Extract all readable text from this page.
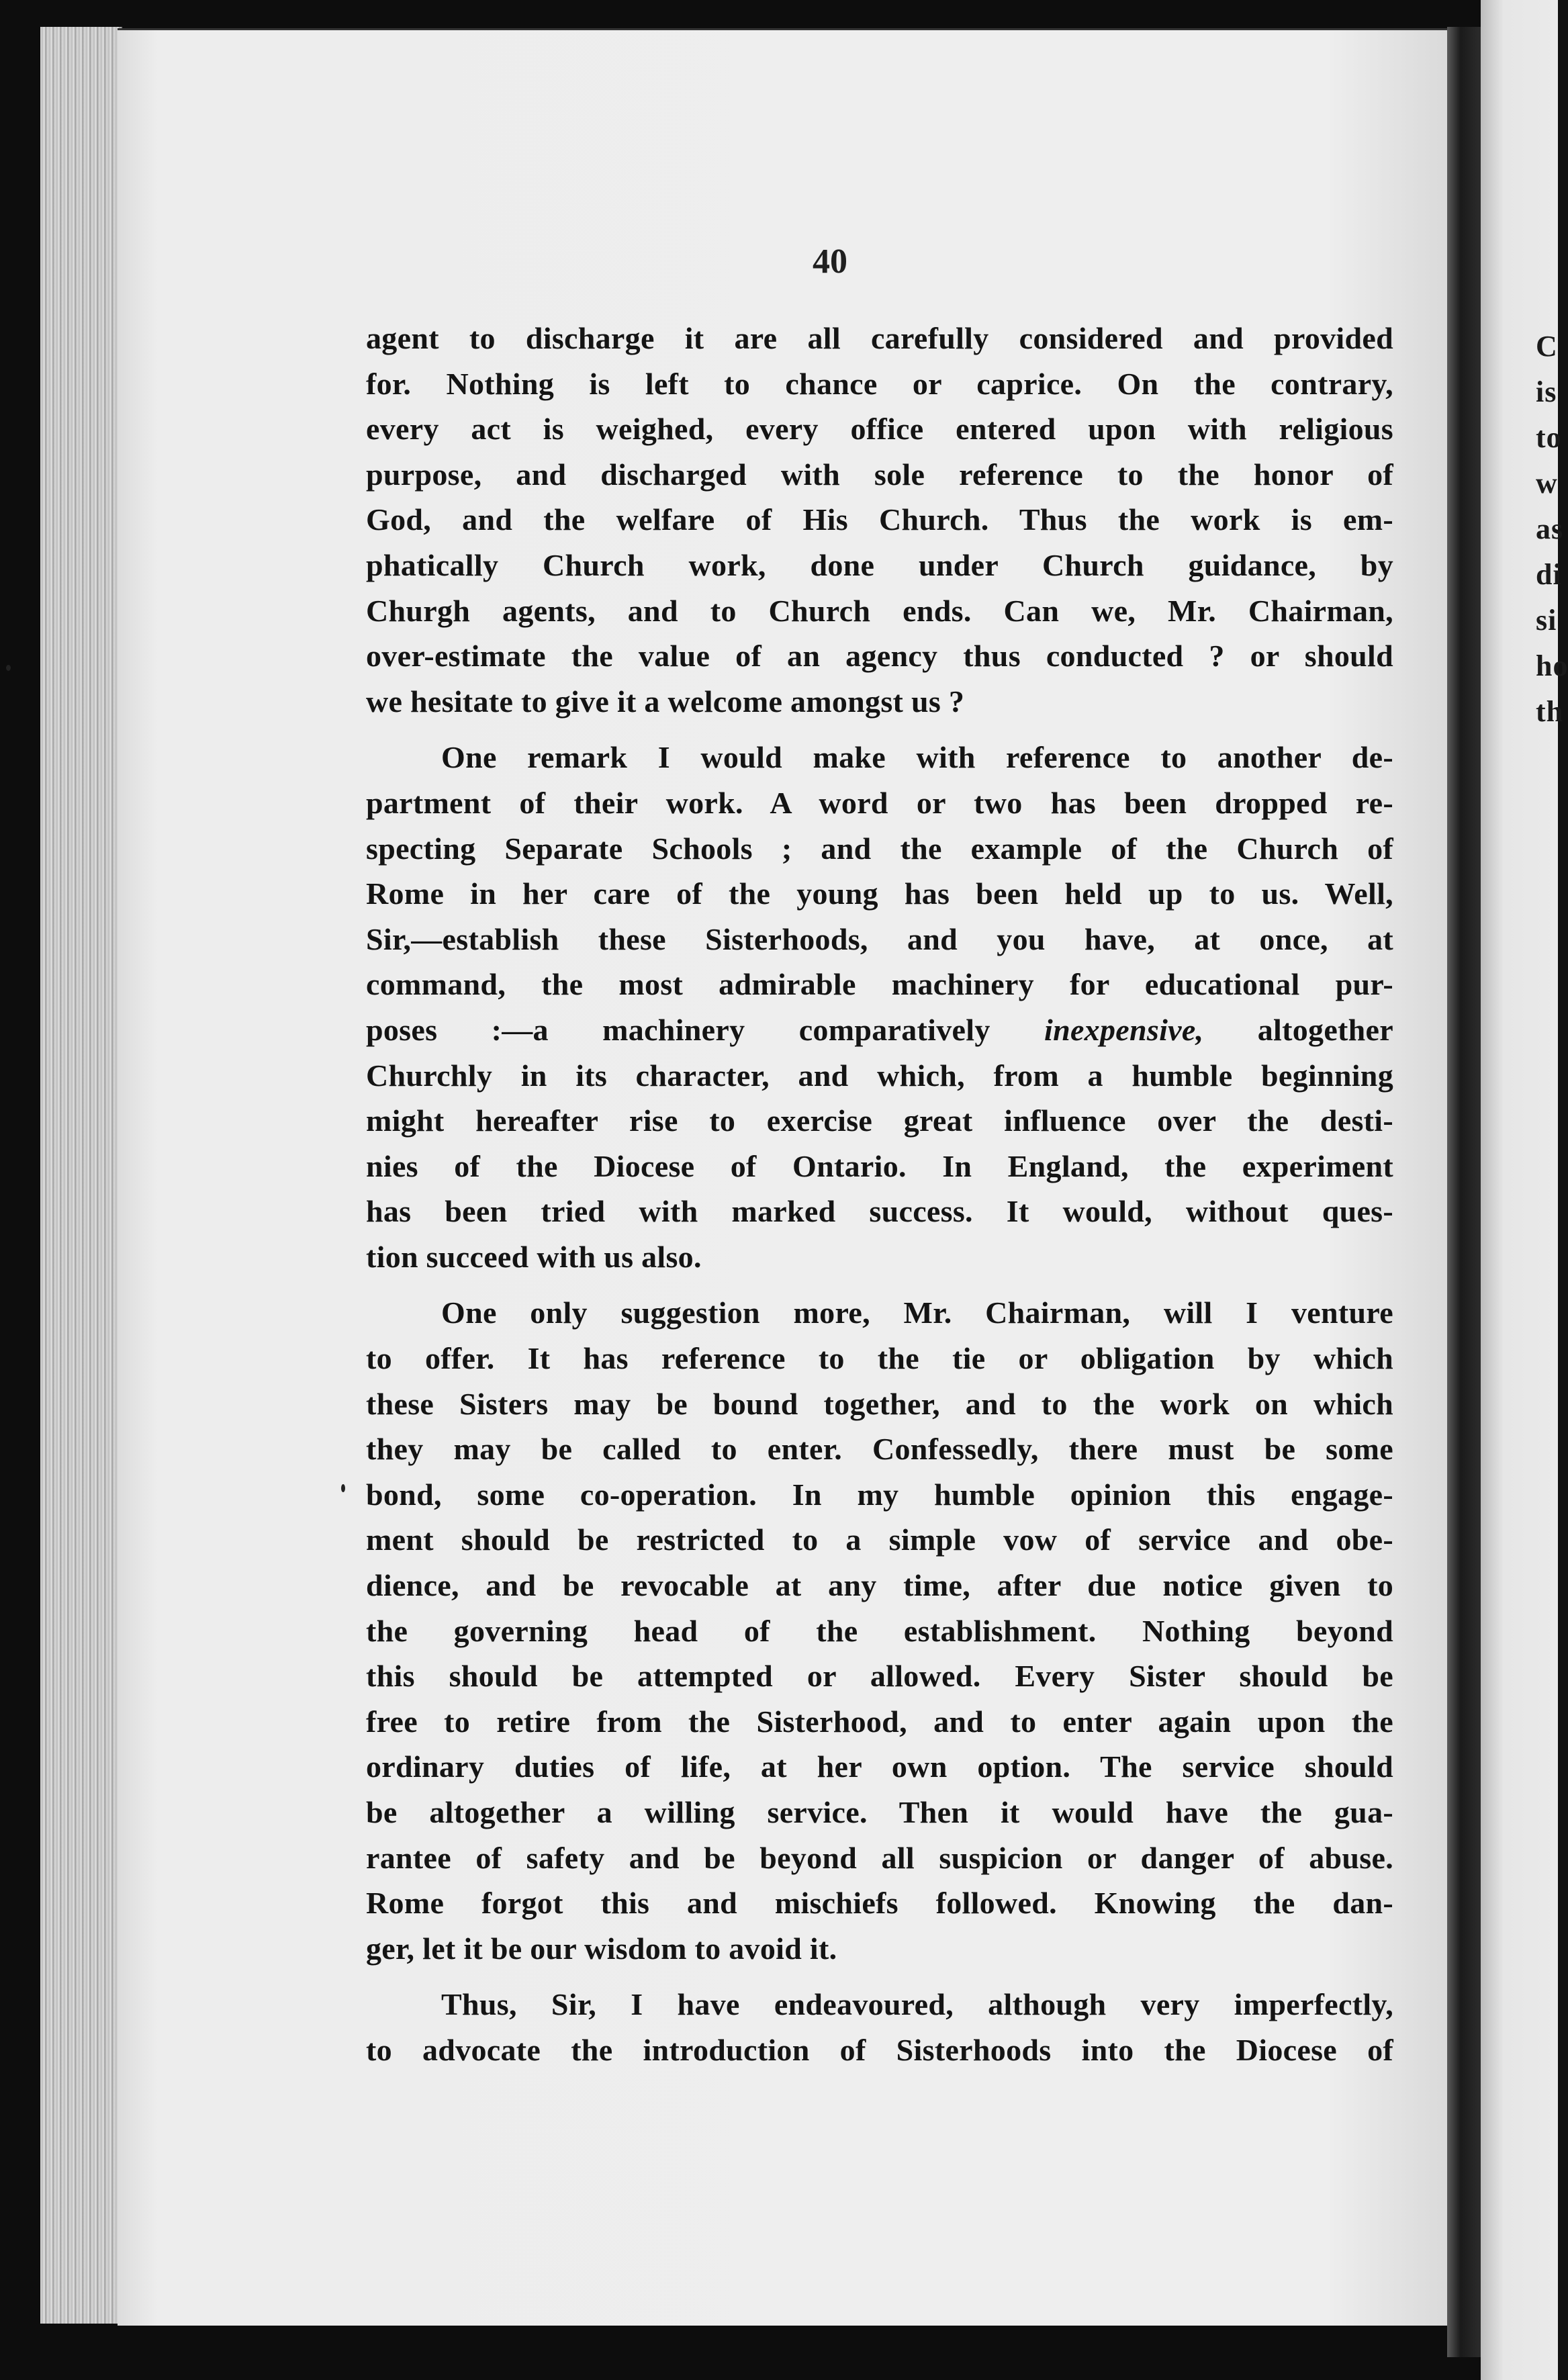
C
is
to
w
as
di
si
ho
th
40
agent to discharge it are all carefully considered and provided
for. Nothing is left to chance or caprice. On the contrary,
every act is weighed, every office entered upon with religious
purpose, and discharged with sole reference to the honor of
God, and the welfare of His Church. Thus the work is em-
phatically Church work, done under Church guidance, by
Churgh agents, and to Church ends. Can we, Mr. Chairman,
over-estimate the value of an agency thus conducted ? or should
we hesitate to give it a welcome amongst us ?
One remark I would make with reference to another de-
partment of their work. A word or two has been dropped re-
specting Separate Schools ; and the example of the Church of
Rome in her care of the young has been held up to us. Well,
Sir,—establish these Sisterhoods, and you have, at once, at
command, the most admirable machinery for educational pur-
poses :—a machinery comparatively inexpensive, altogether
Churchly in its character, and which, from a humble beginning
might hereafter rise to exercise great influence over the desti-
nies of the Diocese of Ontario. In England, the experiment
has been tried with marked success. It would, without ques-
tion succeed with us also.
One only suggestion more, Mr. Chairman, will I venture
to offer. It has reference to the tie or obligation by which
these Sisters may be bound together, and to the work on which
they may be called to enter. Confessedly, there must be some
bond, some co-operation. In my humble opinion this engage-
ment should be restricted to a simple vow of service and obe-
dience, and be revocable at any time, after due notice given to
the governing head of the establishment. Nothing beyond
this should be attempted or allowed. Every Sister should be
free to retire from the Sisterhood, and to enter again upon the
ordinary duties of life, at her own option. The service should
be altogether a willing service. Then it would have the gua-
rantee of safety and be beyond all suspicion or danger of abuse.
Rome forgot this and mischiefs followed. Knowing the dan-
ger, let it be our wisdom to avoid it.
Thus, Sir, I have endeavoured, although very imperfectly,
to advocate the introduction of Sisterhoods into the Diocese of
